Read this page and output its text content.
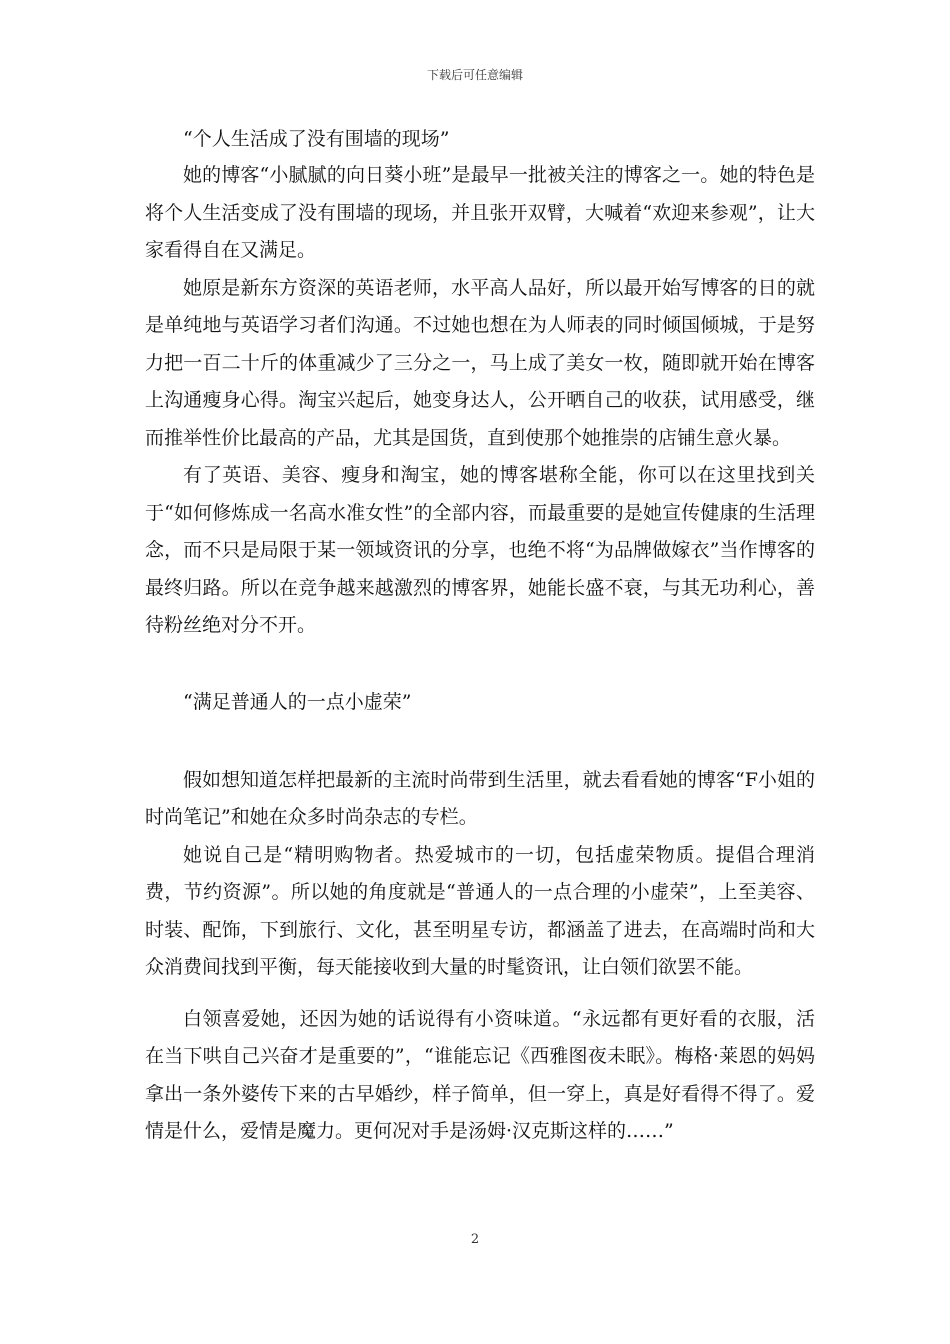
下载后可任意编辑

“个人生活成了没有围墙的现场”

她的博客“小腻腻的向日葵小班”是最早一批被关注的博客之一。她的特色是将个人生活变成了没有围墙的现场，并且张开双臂，大喊着“欢迎来参观”，让大家看得自在又满足。

她原是新东方资深的英语老师，水平高人品好，所以最开始写博客的日的就是单纯地与英语学习者们沟通。不过她也想在为人师表的同时倾国倾城，于是努力把一百二十斤的体重减少了三分之一，马上成了美女一枚，随即就开始在博客上沟通瘦身心得。淘宝兴起后，她变身达人，公开晒自己的收获，试用感受，继而推举性价比最高的产品，尤其是国货，直到使那个她推崇的店铺生意火暴。

有了英语、美容、瘦身和淘宝，她的博客堪称全能，你可以在这里找到关于“如何修炼成一名高水准女性”的全部内容，而最重要的是她宣传健康的生活理念，而不只是局限于某一领域资讯的分享，也绝不将“为品牌做嫁衣”当作博客的最终归路。所以在竞争越来越激烈的博客界，她能长盛不衰，与其无功利心，善待粉丝绝对分不开。

“满足普通人的一点小虚荣”

假如想知道怎样把最新的主流时尚带到生活里，就去看看她的博客“F小姐的时尚笔记”和她在众多时尚杂志的专栏。

她说自己是“精明购物者。热爱城市的一切，包括虚荣物质。提倡合理消费，节约资源”。所以她的角度就是“普通人的一点合理的小虚荣”，上至美容、时装、配饰，下到旅行、文化，甚至明星专访，都涵盖了进去，在高端时尚和大众消费间找到平衡，每天能接收到大量的时髦资讯，让白领们欲罢不能。

白领喜爱她，还因为她的话说得有小资味道。“永远都有更好看的衣服，活在当下哄自己兴奋才是重要的”，“谁能忘记《西雅图夜未眠》。梅格·莱恩的妈妈拿出一条外婆传下来的古早婚纱，样子简单，但一穿上，真是好看得不得了。爱情是什么，爱情是魔力。更何况对手是汤姆·汉克斯这样的……”

2
